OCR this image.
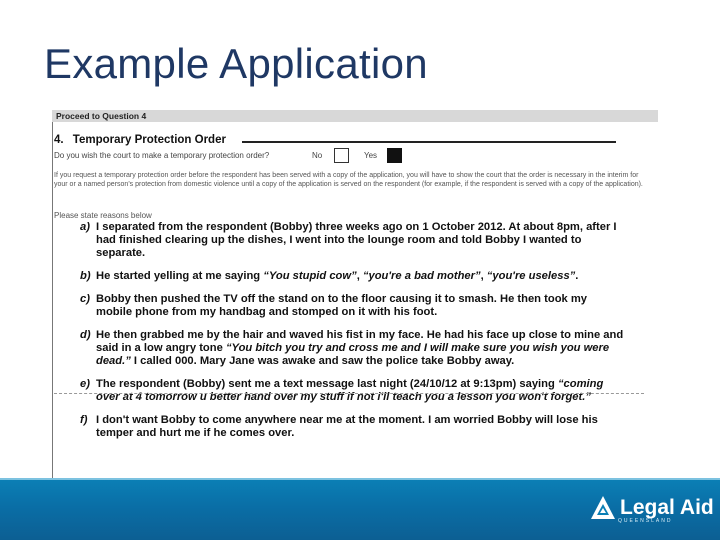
Example Application
Proceed to Question 4
4. Temporary Protection Order
Do you wish the court to make a temporary protection order?	No	Yes
If you request a temporary protection order before the respondent has been served with a copy of the application, you will have to show the court that the order is necessary in the interim for your or a named person's protection from domestic violence until a copy of the application is served on the respondent (for example, if the respondent is served with a copy of the application).
Please state reasons below
a) I separated from the respondent (Bobby) three weeks ago on 1 October 2012. At about 8pm, after I had finished clearing up the dishes, I went into the lounge room and told Bobby I wanted to separate.
b) He started yelling at me saying “You stupid cow”, “you're a bad mother”, “you're useless”.
c) Bobby then pushed the TV off the stand on to the floor causing it to smash. He then took my mobile phone from my handbag and stomped on it with his foot.
d) He then grabbed me by the hair and waved his fist in my face. He had his face up close to mine and said in a low angry tone “You bitch you try and cross me and I will make sure you wish you were dead.” I called 000. Mary Jane was awake and saw the police take Bobby away.
e) The respondent (Bobby) sent me a text message last night (24/10/12 at 9:13pm) saying “coming over at 4 tomorrow u better hand over my stuff if not i'll teach you a lesson you won't forget.”
f) I don't want Bobby to come anywhere near me at the moment. I am worried Bobby will lose his temper and hurt me if he comes over.
Legal Aid
QUEENSLAND
